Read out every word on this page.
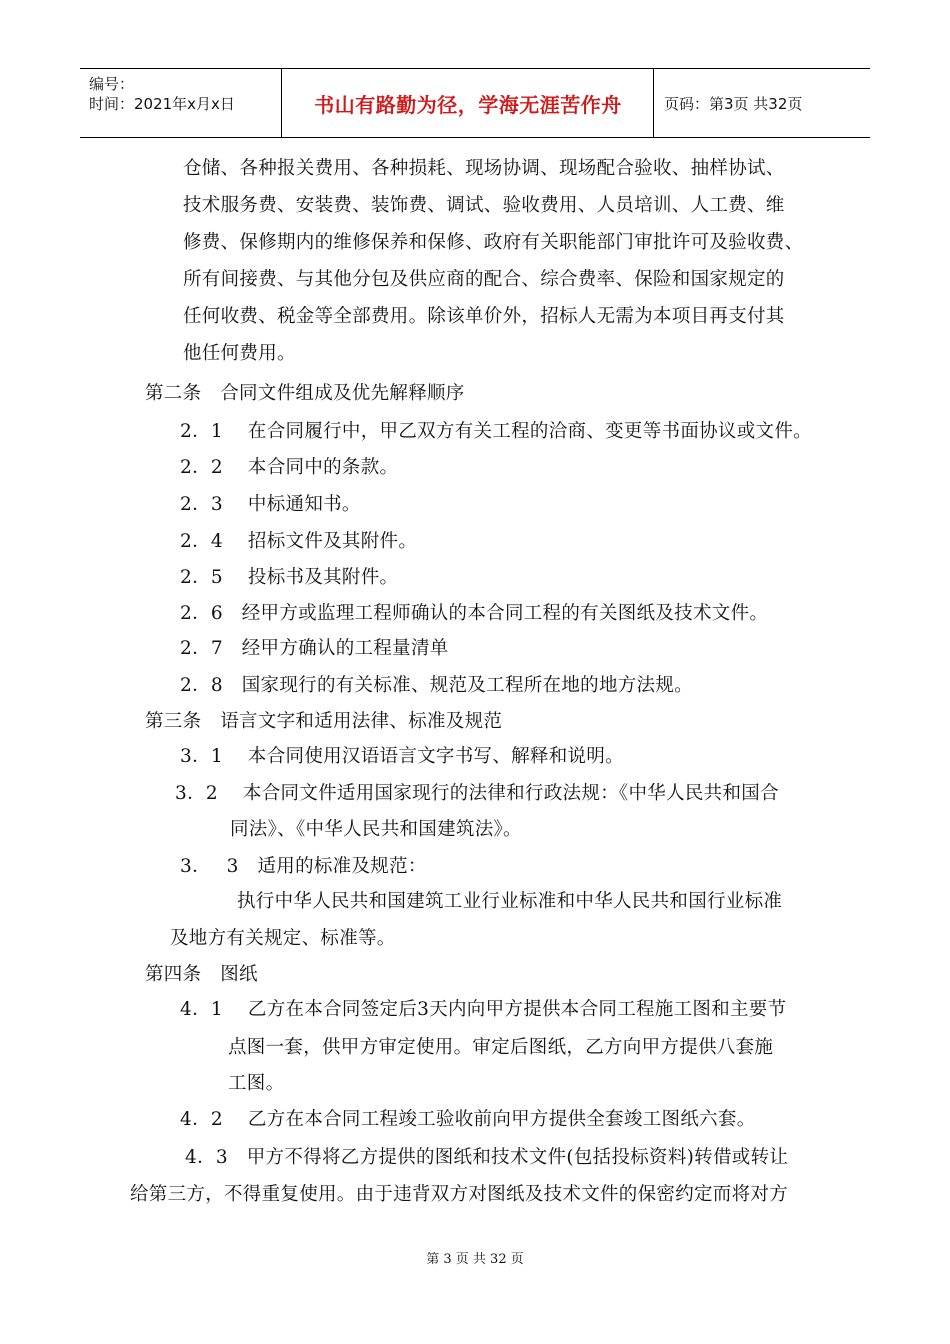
编号：
时间：2021年x月x日	书山有路勤为径，学海无涯苦作舟	页码：第3页 共32页
仓储、各种报关费用、各种损耗、现场协调、现场配合验收、抽样协试、
技术服务费、安装费、装饰费、调试、验收费用、人员培训、人工费、维
修费、保修期内的维修保养和保修、政府有关职能部门审批许可及验收费、
所有间接费、与其他分包及供应商的配合、综合费率、保险和国家规定的
任何收费、税金等全部费用。除该单价外，招标人无需为本项目再支付其
他任何费用。
第二条　合同文件组成及优先解释顺序
2．1　 在合同履行中，甲乙双方有关工程的洽商、变更等书面协议或文件。
2．2　 本合同中的条款。
2．3　 中标通知书。
2．4　 招标文件及其附件。
2．5　 投标书及其附件。
2．6　经甲方或监理工程师确认的本合同工程的有关图纸及技术文件。
2．7　经甲方确认的工程量清单
2．8　国家现行的有关标准、规范及工程所在地的地方法规。
第三条　语言文字和适用法律、标准及规范
3．1　 本合同使用汉语语言文字书写、解释和说明。
3．2　 本合同文件适用国家现行的法律和行政法规：《中华人民共和国合
同法》、《中华人民共和国建筑法》。
3．　 3　适用的标准及规范：
执行中华人民共和国建筑工业行业标准和中华人民共和国行业标准
及地方有关规定、标准等。
第四条　图纸
4．1　 乙方在本合同签定后3天内向甲方提供本合同工程施工图和主要节
点图一套，供甲方审定使用。审定后图纸，乙方向甲方提供八套施
工图。
4．2　 乙方在本合同工程竣工验收前向甲方提供全套竣工图纸六套。
4．3　甲方不得将乙方提供的图纸和技术文件(包括投标资料)转借或转让
给第三方，不得重复使用。由于违背双方对图纸及技术文件的保密约定而将对方
第 3 页 共 32 页
